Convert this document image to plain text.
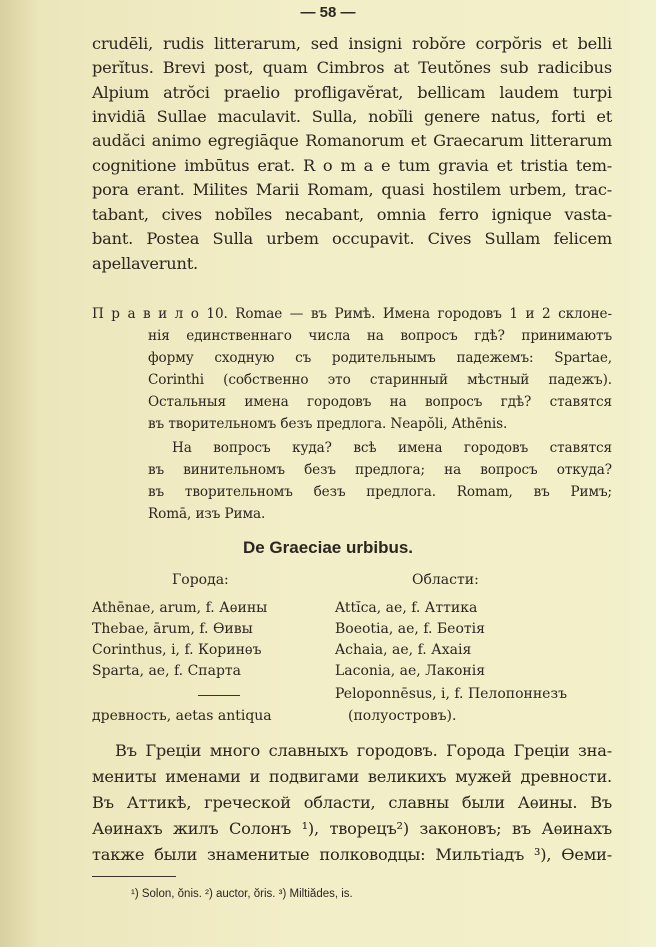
— 58 —
crudēli, rudis litterarum, sed insigni robŏre corpŏris et belli
perĭtus. Brevi post, quam Cimbros at Teutŏnes sub radicibus
Alpium atrŏci praelio profligavĕrat, bellicam laudem turpi
invidiā Sullae maculavit. Sulla, nobĭli genere natus, forti et
audăci animo egregiāque Romanorum et Graecarum litterarum
cognitione imbūtus erat. R o m a e tum gravia et tristia tem-
pora erant. Milites Marii Romam, quasi hostilem urbem, trac-
tabant, cives nobĭles necabant, omnia ferro ignique vasta-
bant. Postea Sulla urbem occupavit. Cives Sullam felicem
apellaverunt.
П р а в и л о 10. Romae — въ Римѣ. Имена городовъ 1 и 2 склоне-
нія единственнаго числа на вопросъ гдѣ? принимаютъ
форму сходную съ родительнымъ падежемъ: Spartae,
Corinthi (собственно это старинный мѣстный падежъ).
Остальныя имена городовъ на вопросъ гдѣ? ставятся
въ творительномъ безъ предлога. Neapŏli, Athēnis.
На вопросъ куда? всѣ имена городовъ ставятся
въ винительномъ безъ предлога; на вопросъ откуда?
въ творительномъ безъ предлога. Romam, въ Римъ;
Romā, изъ Рима.
De Graeciae urbibus.
Города:	Области:
Athēnae, arum, f. Аѳины
Thebae, ārum, f. Ѳивы
Corinthus, i, f. Коринѳъ
Sparta, ae, f. Спарта
Attĭca, ae, f. Аттика
Boeotia, ae, f. Беотія
Achaia, ae, f. Ахаія
Laconia, ae, Лаконія
Peloponnēsus, i, f. Пелопоннезъ
(полуостровъ).
древность, aetas antiqua
Въ Греціи много славныхъ городовъ. Города Греціи зна-
мениты именами и подвигами великихъ мужей древности.
Въ Аттикѣ, греческой области, славны были Аѳины. Въ
Аѳинахъ жилъ Солонъ ¹), творецъ²) законовъ; въ Аѳинахъ
также были знаменитые полководцы: Мильтіадъ ³), Ѳеми-
¹) Solon, ŏnis. ²) auctor, ŏris. ³) Miltiădes, is.
